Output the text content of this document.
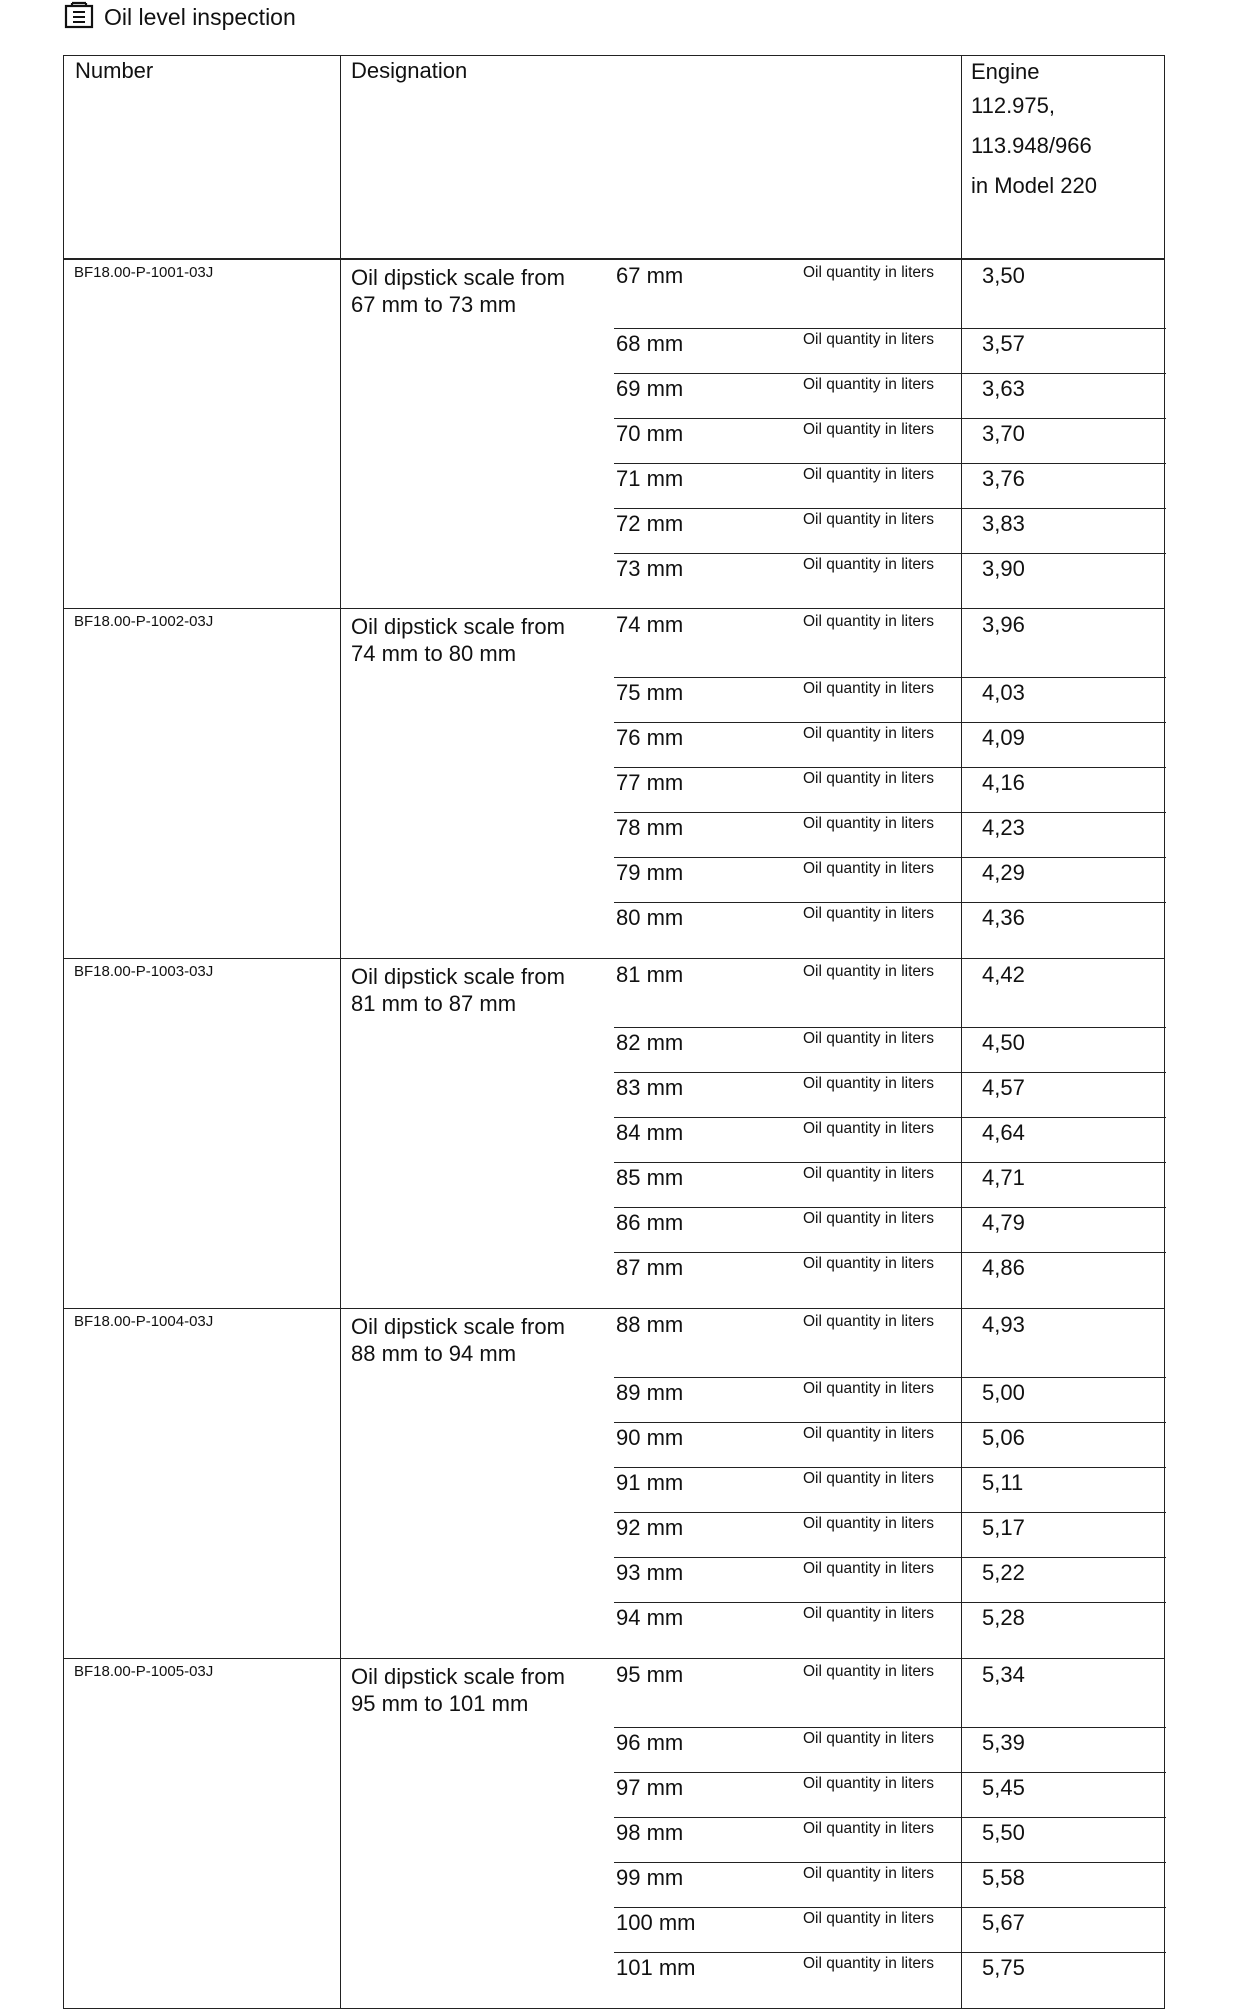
Oil level inspection
Number	Designation	Engine
112.975,
113.948/966
in Model 220
BF18.00-P-1001-03J	Oil dipstick scale from
67 mm to 73 mm
67 mm	Oil quantity in liters 3,50
68 mm	Oil quantity in liters 3,57
69 mm	Oil quantity in liters 3,63
70 mm	Oil quantity in liters 3,70
71 mm	Oil quantity in liters 3,76
72 mm	Oil quantity in liters 3,83
73 mm	Oil quantity in liters 3,90
BF18.00-P-1002-03J	Oil dipstick scale from
74 mm to 80 mm
74 mm	Oil quantity in liters 3,96
75 mm	Oil quantity in liters 4,03
76 mm	Oil quantity in liters 4,09
77 mm	Oil quantity in liters 4,16
78 mm	Oil quantity in liters 4,23
79 mm	Oil quantity in liters 4,29
80 mm	Oil quantity in liters 4,36
BF18.00-P-1003-03J	Oil dipstick scale from
81 mm to 87 mm
81 mm	Oil quantity in liters 4,42
82 mm	Oil quantity in liters 4,50
83 mm	Oil quantity in liters 4,57
84 mm	Oil quantity in liters 4,64
85 mm	Oil quantity in liters 4,71
86 mm	Oil quantity in liters 4,79
87 mm	Oil quantity in liters 4,86
BF18.00-P-1004-03J	Oil dipstick scale from
88 mm to 94 mm
88 mm	Oil quantity in liters 4,93
89 mm	Oil quantity in liters 5,00
90 mm	Oil quantity in liters 5,06
91 mm	Oil quantity in liters 5,11
92 mm	Oil quantity in liters 5,17
93 mm	Oil quantity in liters 5,22
94 mm	Oil quantity in liters 5,28
BF18.00-P-1005-03J	Oil dipstick scale from
95 mm to 101 mm
95 mm	Oil quantity in liters 5,34
96 mm	Oil quantity in liters 5,39
97 mm	Oil quantity in liters 5,45
98 mm	Oil quantity in liters 5,50
99 mm	Oil quantity in liters 5,58
100 mm	Oil quantity in liters 5,67
101 mm	Oil quantity in liters 5,75
